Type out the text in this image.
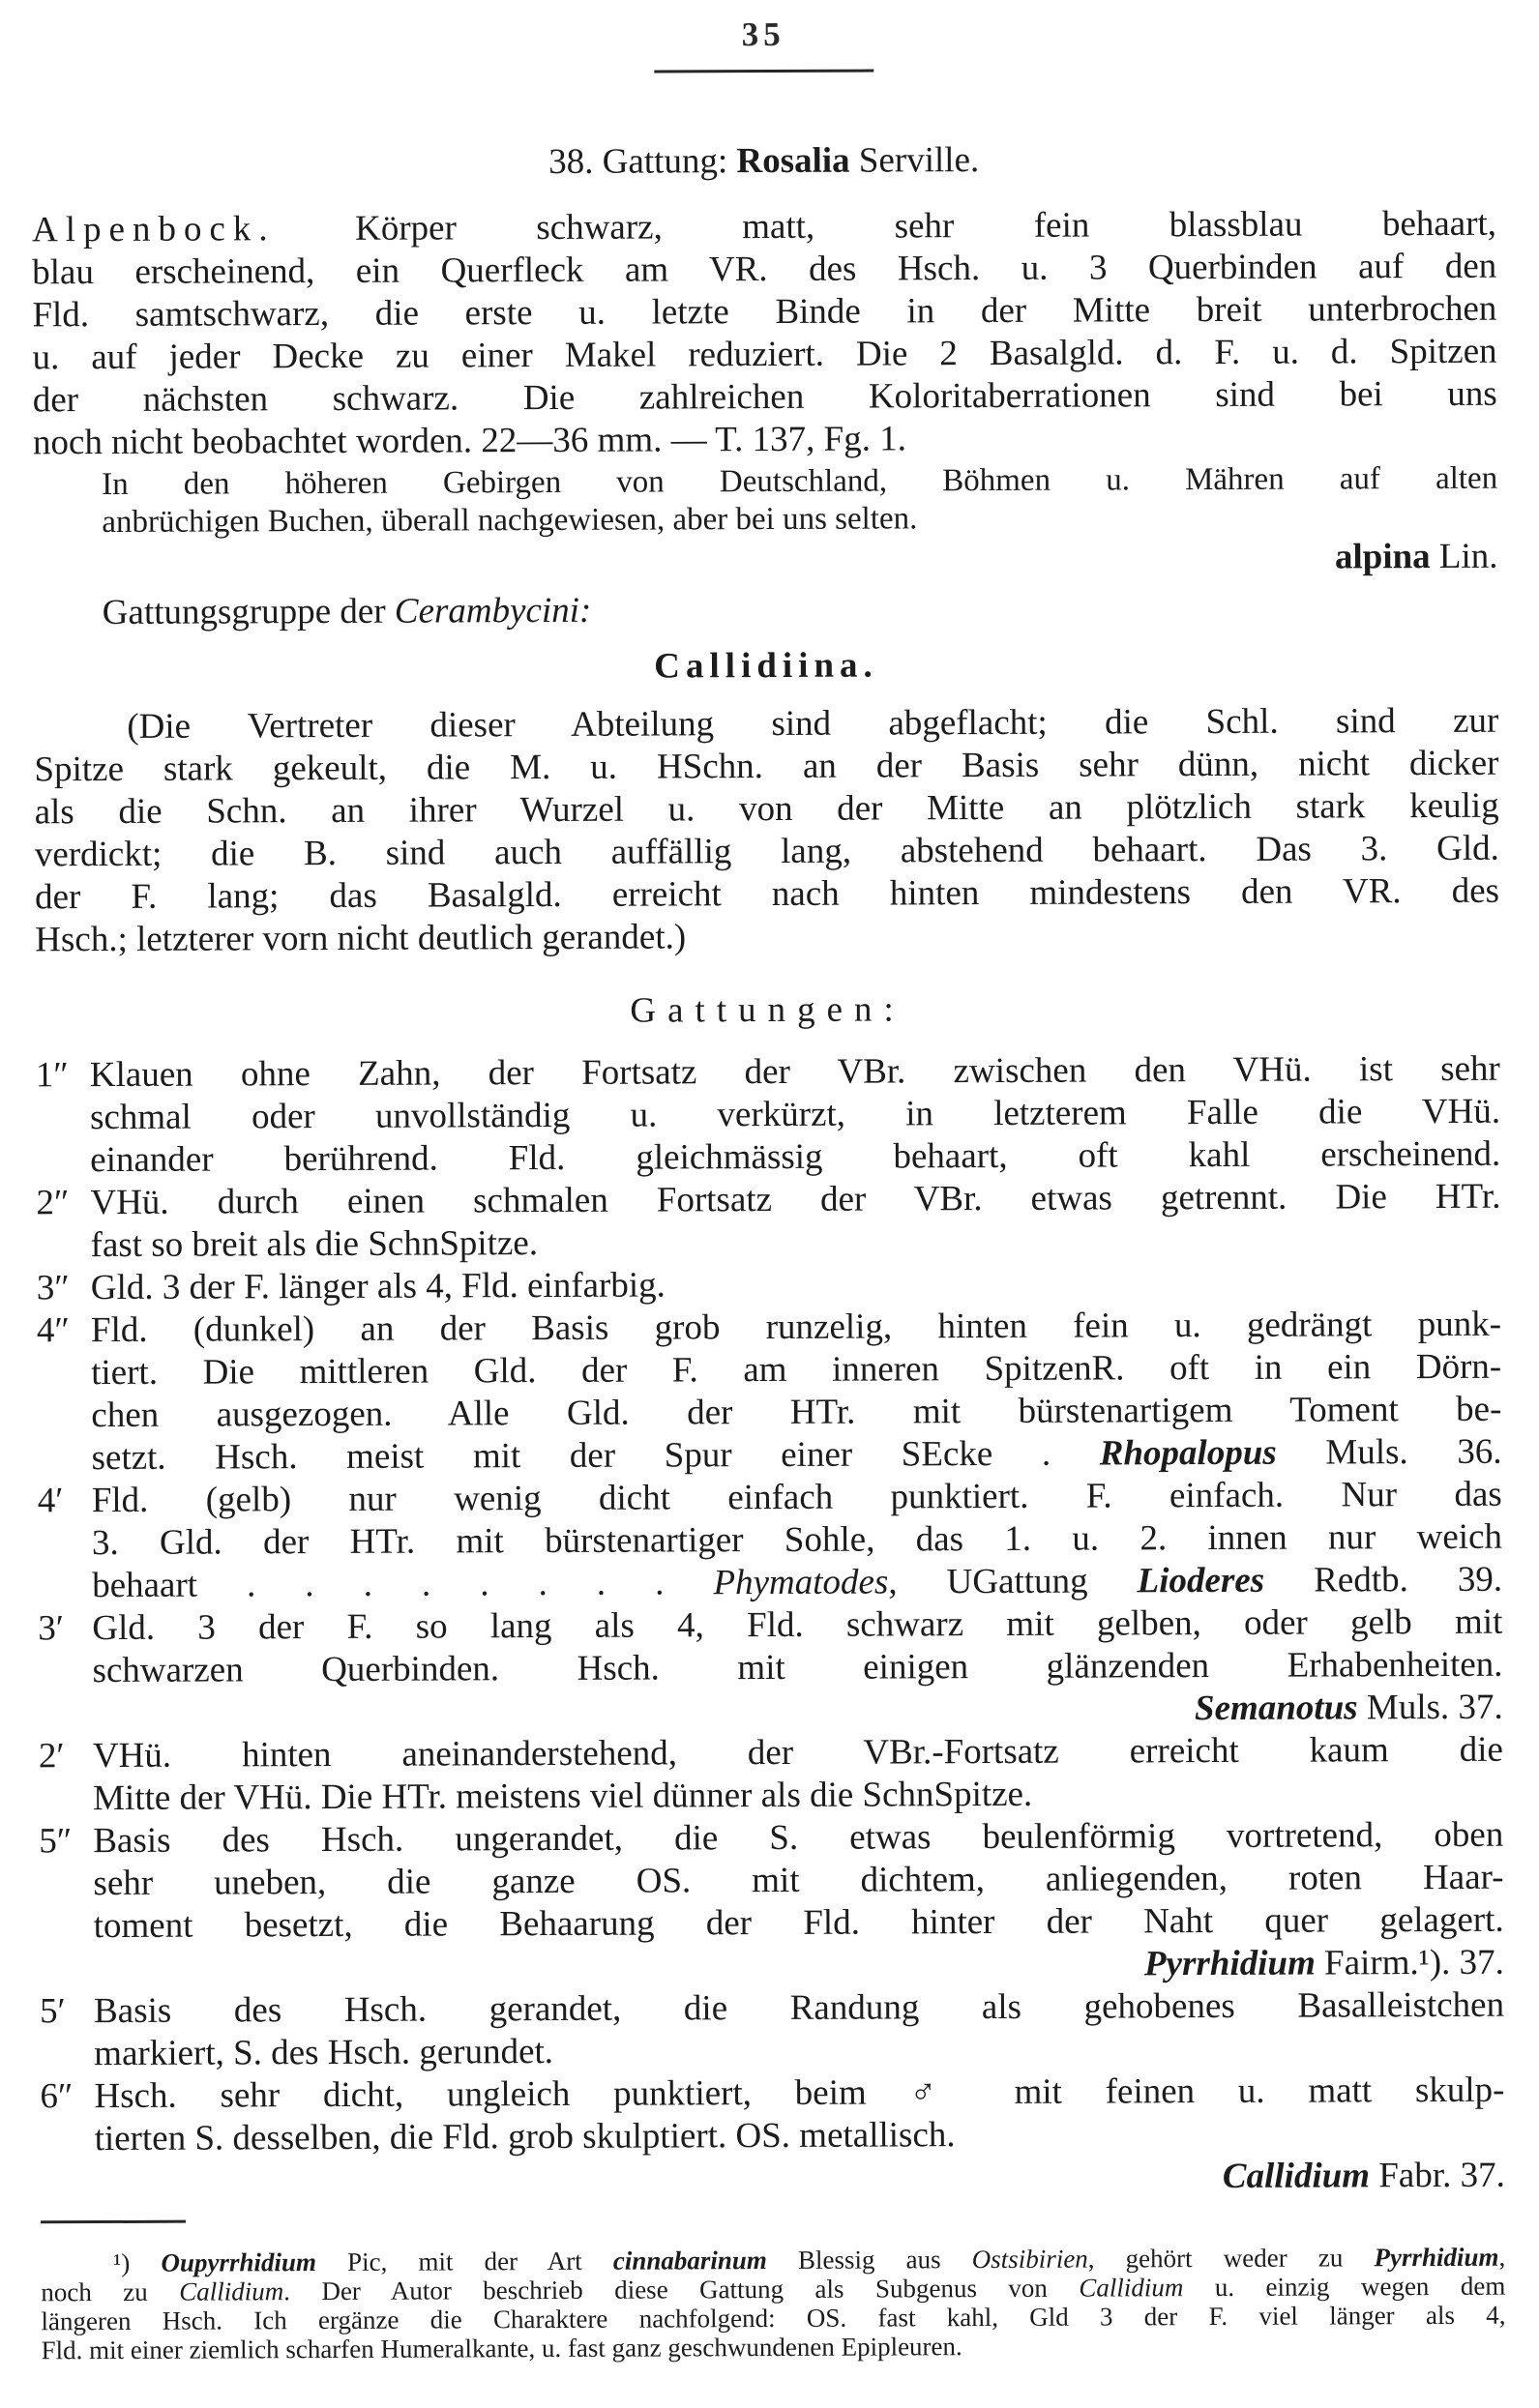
35
38. Gattung: Rosalia Serville.
Alpenbock. Körper schwarz, matt, sehr fein blassblau behaart,
blau erscheinend, ein Querfleck am VR. des Hsch. u. 3 Querbinden auf den
Fld. samtschwarz, die erste u. letzte Binde in der Mitte breit unterbrochen
u. auf jeder Decke zu einer Makel reduziert. Die 2 Basalgld. d. F. u. d. Spitzen
der nächsten schwarz. Die zahlreichen Koloritaberrationen sind bei uns
noch nicht beobachtet worden. 22—36 mm. — T. 137, Fg. 1.
In den höheren Gebirgen von Deutschland, Böhmen u. Mähren auf alten
anbrüchigen Buchen, überall nachgewiesen, aber bei uns selten.
alpina Lin.
Gattungsgruppe der Cerambycini:
Callidiina.
(Die Vertreter dieser Abteilung sind abgeflacht; die Schl. sind zur
Spitze stark gekeult, die M. u. HSchn. an der Basis sehr dünn, nicht dicker
als die Schn. an ihrer Wurzel u. von der Mitte an plötzlich stark keulig
verdickt; die B. sind auch auffällig lang, abstehend behaart. Das 3. Gld.
der F. lang; das Basalgld. erreicht nach hinten mindestens den VR. des
Hsch.; letzterer vorn nicht deutlich gerandet.)
Gattungen:
1″ Klauen ohne Zahn, der Fortsatz der VBr. zwischen den VHü. ist sehr
schmal oder unvollständig u. verkürzt, in letzterem Falle die VHü.
einander berührend. Fld. gleichmässig behaart, oft kahl erscheinend.
2″ VHü. durch einen schmalen Fortsatz der VBr. etwas getrennt. Die HTr.
fast so breit als die SchnSpitze.
3″ Gld. 3 der F. länger als 4, Fld. einfarbig.
4″ Fld. (dunkel) an der Basis grob runzelig, hinten fein u. gedrängt punk-
tiert. Die mittleren Gld. der F. am inneren SpitzenR. oft in ein Dörn-
chen ausgezogen. Alle Gld. der HTr. mit bürstenartigem Toment be-
setzt. Hsch. meist mit der Spur einer SEcke . Rhopalopus Muls. 36.
4′ Fld. (gelb) nur wenig dicht einfach punktiert. F. einfach. Nur das
3. Gld. der HTr. mit bürstenartiger Sohle, das 1. u. 2. innen nur weich
behaart . . . . . . . . Phymatodes, UGattung Lioderes Redtb. 39.
3′ Gld. 3 der F. so lang als 4, Fld. schwarz mit gelben, oder gelb mit
schwarzen Querbinden. Hsch. mit einigen glänzenden Erhabenheiten.
Semanotus Muls. 37.
2′ VHü. hinten aneinanderstehend, der VBr.-Fortsatz erreicht kaum die
Mitte der VHü. Die HTr. meistens viel dünner als die SchnSpitze.
5″ Basis des Hsch. ungerandet, die S. etwas beulenförmig vortretend, oben
sehr uneben, die ganze OS. mit dichtem, anliegenden, roten Haar-
toment besetzt, die Behaarung der Fld. hinter der Naht quer gelagert.
Pyrrhidium Fairm.¹). 37.
5′ Basis des Hsch. gerandet, die Randung als gehobenes Basalleistchen
markiert, S. des Hsch. gerundet.
6″ Hsch. sehr dicht, ungleich punktiert, beim ♂ mit feinen u. matt skulp-
tierten S. desselben, die Fld. grob skulptiert. OS. metallisch.
Callidium Fabr. 37.
¹) Oupyrrhidium Pic, mit der Art cinnabarinum Blessig aus Ostsibirien, gehört weder zu Pyrrhidium,
noch zu Callidium. Der Autor beschrieb diese Gattung als Subgenus von Callidium u. einzig wegen dem
längeren Hsch. Ich ergänze die Charaktere nachfolgend: OS. fast kahl, Gld 3 der F. viel länger als 4,
Fld. mit einer ziemlich scharfen Humeralkante, u. fast ganz geschwundenen Epipleuren.
